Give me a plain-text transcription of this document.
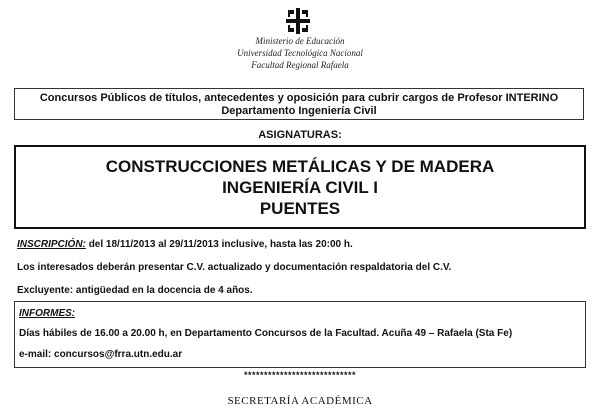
Ministerio de Educación
Universidad Tecnológica Nacional
Facultad Regional Rafaela
Concursos Públicos de títulos, antecedentes y oposición para cubrir cargos de Profesor INTERINO
Departamento Ingeniería Civil
ASIGNATURAS:
CONSTRUCCIONES METÁLICAS Y DE MADERA
INGENIERÍA CIVIL I
PUENTES
INSCRIPCIÓN: del 18/11/2013 al 29/11/2013 inclusive, hasta las 20:00 h.
Los interesados deberán presentar C.V. actualizado y documentación respaldatoria del C.V.
Excluyente: antigüedad en la docencia de 4 años.
INFORMES:
Días hábiles de 16.00 a 20.00 h, en Departamento Concursos de la Facultad. Acuña 49 – Rafaela (Sta Fe)
e-mail: concursos@frra.utn.edu.ar
****************************
SECRETARÍA ACADÉMICA
